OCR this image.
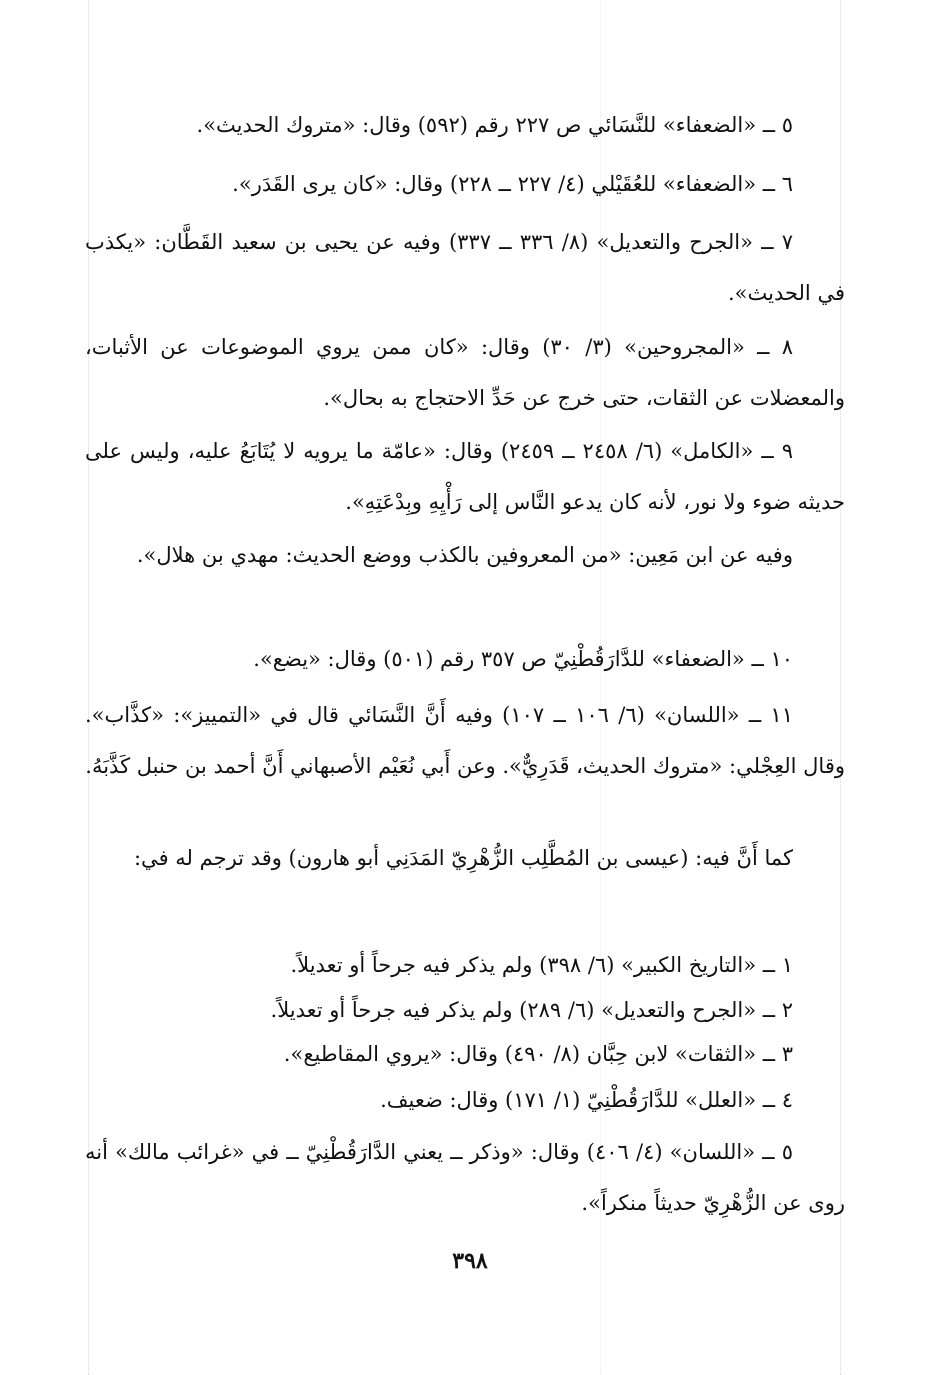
٥ ــ «الضعفاء» للنَّسَائي ص ٢٢٧ رقم (٥٩٢) وقال: «متروك الحديث».
٦ ــ «الضعفاء» للعُقَيْلي (٤/ ٢٢٧ ــ ٢٢٨) وقال: «كان يرى القَدَر».
٧ ــ «الجرح والتعديل» (٨/ ٣٣٦ ــ ٣٣٧) وفيه عن يحيى بن سعيد القَطَّان: «يكذب في الحديث».
٨ ــ «المجروحين» (٣/ ٣٠) وقال: «كان ممن يروي الموضوعات عن الأثبات، والمعضلات عن الثقات، حتى خرج عن حَدِّ الاحتجاج به بحال».
٩ ــ «الكامل» (٦/ ٢٤٥٨ ــ ٢٤٥٩) وقال: «عامّة ما يرويه لا يُتَابَعُ عليه، وليس على حديثه ضوء ولا نور، لأنه كان يدعو النَّاس إلى رَأْيِهِ وبِدْعَتِهِ».
وفيه عن ابن مَعِين: «من المعروفين بالكذب ووضع الحديث: مهدي بن هلال».
١٠ ــ «الضعفاء» للدَّارَقُطْنِيّ ص ٣٥٧ رقم (٥٠١) وقال: «يضع».
١١ ــ «اللسان» (٦/ ١٠٦ ــ ١٠٧) وفيه أَنَّ النَّسَائي قال في «التمييز»: «كذَّاب». وقال العِجْلي: «متروك الحديث، قَدَرِيٌّ». وعن أَبي نُعَيْم الأصبهاني أَنَّ أحمد بن حنبل كَذَّبَهُ.
كما أَنَّ فيه: (عيسى بن المُطَّلِب الزُّهْرِيّ المَدَنِي أبو هارون) وقد ترجم له في:
١ ــ «التاريخ الكبير» (٦/ ٣٩٨) ولم يذكر فيه جرحاً أو تعديلاً.
٢ ــ «الجرح والتعديل» (٦/ ٢٨٩) ولم يذكر فيه جرحاً أو تعديلاً.
٣ ــ «الثقات» لابن حِبَّان (٨/ ٤٩٠) وقال: «يروي المقاطيع».
٤ ــ «العلل» للدَّارَقُطْنِيّ (١/ ١٧١) وقال: ضعيف.
٥ ــ «اللسان» (٤/ ٤٠٦) وقال: «وذكر ــ يعني الدَّارَقُطْنِيّ ــ في «غرائب مالك» أنه روى عن الزُّهْرِيّ حديثاً منكراً».
٣٩٨
